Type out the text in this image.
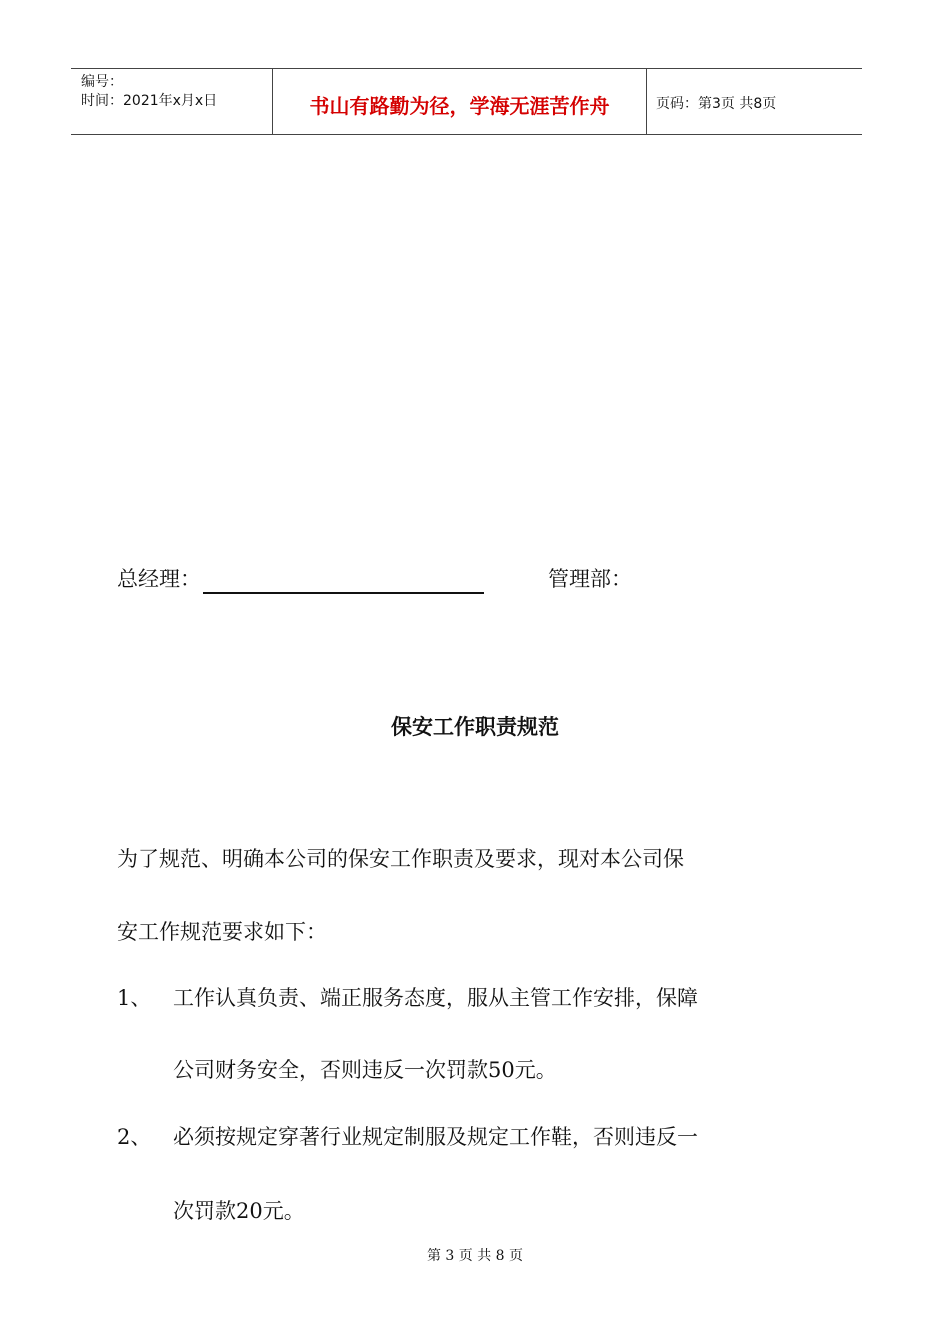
编号：
时间：2021年x月x日	书山有路勤为径，学海无涯苦作舟	页码：第3页 共8页
总经理：	管理部：
保安工作职责规范
为了规范、明确本公司的保安工作职责及要求，现对本公司保
安工作规范要求如下：
1、 工作认真负责、端正服务态度，服从主管工作安排，保障
公司财务安全，否则违反一次罚款50元。
2、 必须按规定穿著行业规定制服及规定工作鞋，否则违反一
次罚款20元。
第 3 页 共 8 页
